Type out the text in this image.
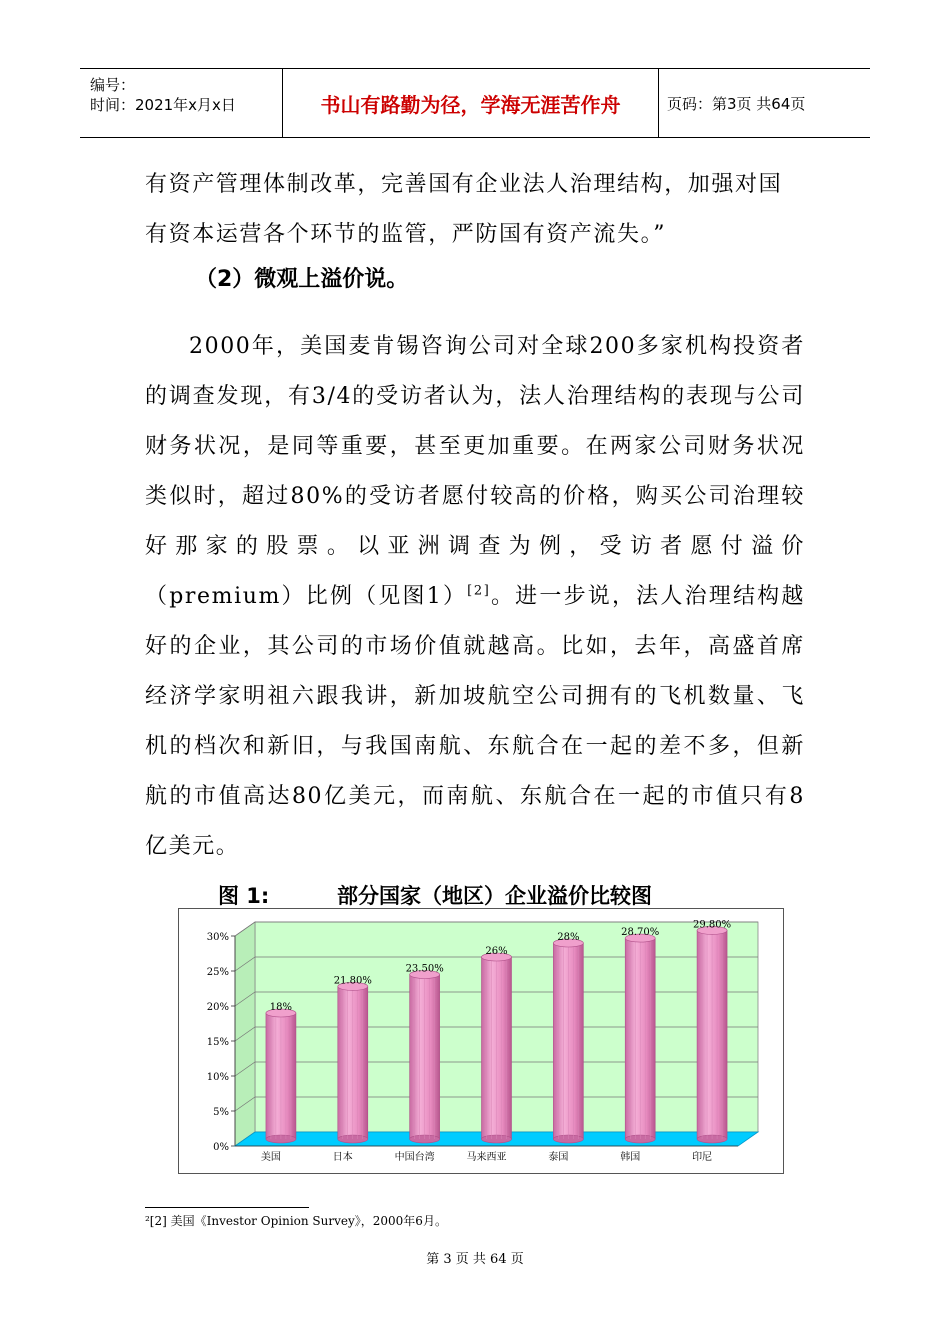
编号：
时间：2021年x月x日	书山有路勤为径，学海无涯苦作舟	页码：第3页 共64页
有资产管理体制改革，完善国有企业法人治理结构，加强对国有资本运营各个环节的监管，严防国有资产流失。”
（2）微观上溢价说。
2000年，美国麦肯锡咨询公司对全球200多家机构投资者的调查发现，有3/4的受访者认为，法人治理结构的表现与公司财务状况，是同等重要，甚至更加重要。在两家公司财务状况类似时，超过80%的受访者愿付较高的价格，购买公司治理较好那家的股票。以亚洲调查为例，受访者愿付溢价（premium）比例（见图1）[2]。进一步说，法人治理结构越好的企业，其公司的市场价值就越高。比如，去年，高盛首席经济学家明祖六跟我讲，新加坡航空公司拥有的飞机数量、飞机的档次和新旧，与我国南航、东航合在一起的差不多，但新航的市值高达80亿美元，而南航、东航合在一起的市值只有8亿美元。
图 1:	部分国家（地区）企业溢价比较图
0%
5%
10%
15%
20%
25%
30%
18%
美国
21.80%
日本
23.50%
中国台湾
26%
马来西亚
28%
泰国
28.70%
韩国
29.80%
印尼
²[2] 美国《Investor Opinion Survey》，2000年6月。
第 3 页 共 64 页
